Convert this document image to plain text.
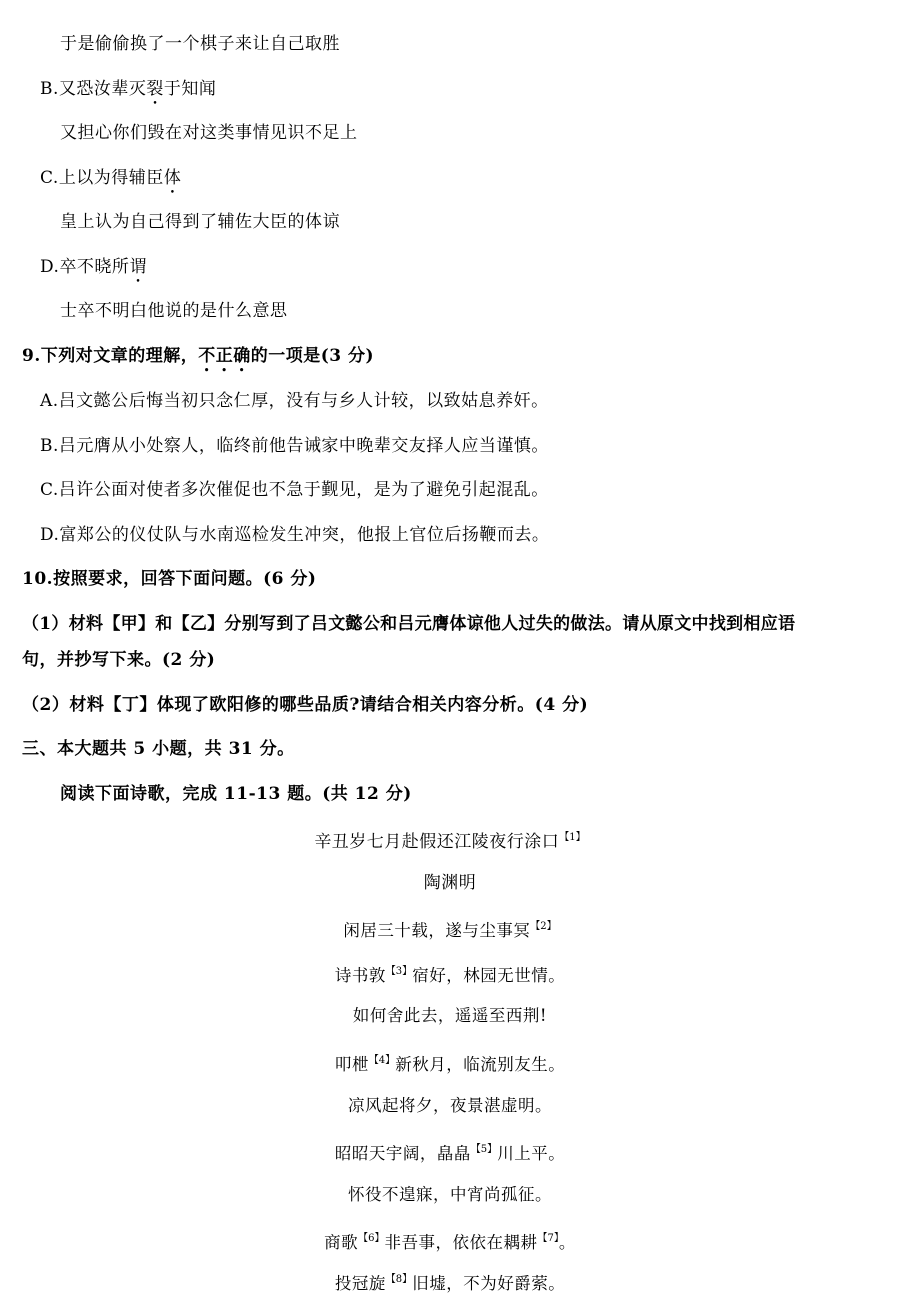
于是偷偷换了一个棋子来让自己取胜
B.又恐汝辈灭裂于知闻
又担心你们毁在对这类事情见识不足上
C.上以为得辅臣体
皇上认为自己得到了辅佐大臣的体谅
D.卒不晓所谓
士卒不明白他说的是什么意思
9.下列对文章的理解，不正确的一项是(3 分)
A.吕文懿公后悔当初只念仁厚，没有与乡人计较，以致姑息养奸。
B.吕元膺从小处察人，临终前他告诫家中晚辈交友择人应当谨慎。
C.吕许公面对使者多次催促也不急于觐见，是为了避免引起混乱。
D.富郑公的仪仗队与水南巡检发生冲突，他报上官位后扬鞭而去。
10.按照要求，回答下面问题。(6 分)
（1）材料【甲】和【乙】分别写到了吕文懿公和吕元膺体谅他人过失的做法。请从原文中找到相应语
句，并抄写下来。(2 分)
（2）材料【丁】体现了欧阳修的哪些品质?请结合相关内容分析。(4 分)
三、本大题共 5 小题，共 31 分。
阅读下面诗歌，完成 11-13 题。(共 12 分)
辛丑岁七月赴假还江陵夜行涂口$^{【1】}$
陶渊明
闲居三十载，遂与尘事冥$^{【2】}$
诗书敦$^{【3】}$宿好，林园无世情。
如何舍此去，遥遥至西荆!
叩枻$^{【4】}$新秋月，临流别友生。
凉风起将夕，夜景湛虚明。
昭昭天宇阔，皛皛$^{【5】}$川上平。
怀役不遑寐，中宵尚孤征。
商歌$^{【6】}$非吾事，依依在耦耕$^{【7】}$。
投冠旋$^{【8】}$旧墟，不为好爵萦。
